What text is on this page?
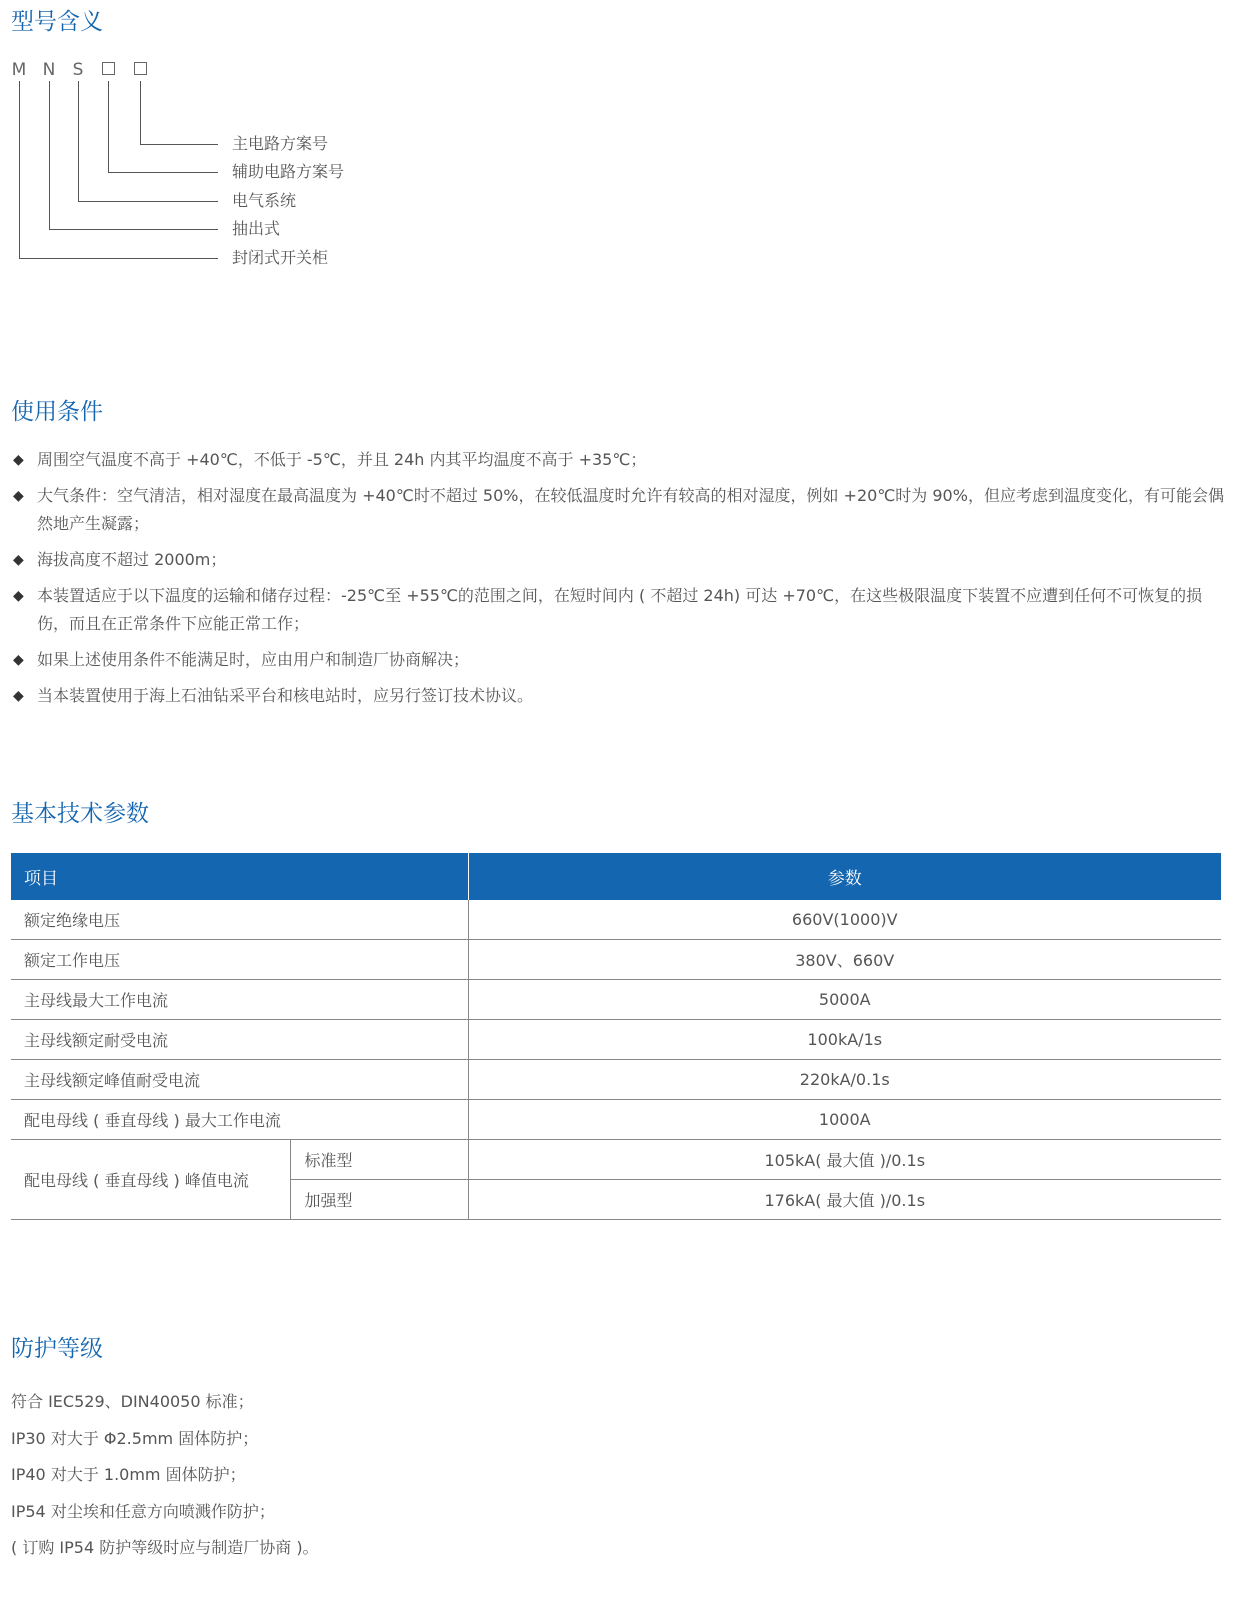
型号含义
M N S
主电路方案号
辅助电路方案号
电气系统
抽出式
封闭式开关柜
使用条件
◆ 周围空气温度不高于 +40℃，不低于 -5℃，并且 24h 内其平均温度不高于 +35℃；
◆ 大气条件：空气清洁，相对湿度在最高温度为 +40℃时不超过 50%，在较低温度时允许有较高的相对湿度，例如 +20℃时为 90%，但应考虑到温度变化，有可能会偶然地产生凝露；
◆ 海拔高度不超过 2000m；
◆ 本装置适应于以下温度的运输和储存过程：-25℃至 +55℃的范围之间，在短时间内 ( 不超过 24h) 可达 +70℃，在这些极限温度下装置不应遭到任何不可恢复的损伤，而且在正常条件下应能正常工作；
◆ 如果上述使用条件不能满足时，应由用户和制造厂协商解决；
◆ 当本装置使用于海上石油钻采平台和核电站时，应另行签订技术协议。
基本技术参数
项目		参数
额定绝缘电压		660V(1000)V
额定工作电压		380V、660V
主母线最大工作电流		5000A
主母线额定耐受电流		100kA/1s
主母线额定峰值耐受电流		220kA/0.1s
配电母线 ( 垂直母线 ) 最大工作电流		1000A
配电母线 ( 垂直母线 ) 峰值电流	标准型	105kA( 最大值 )/0.1s
	加强型	176kA( 最大值 )/0.1s
防护等级
符合 IEC529、DIN40050 标准；
IP30 对大于 Φ2.5mm 固体防护；
IP40 对大于 1.0mm 固体防护；
IP54 对尘埃和任意方向喷溅作防护；
( 订购 IP54 防护等级时应与制造厂协商 )。
